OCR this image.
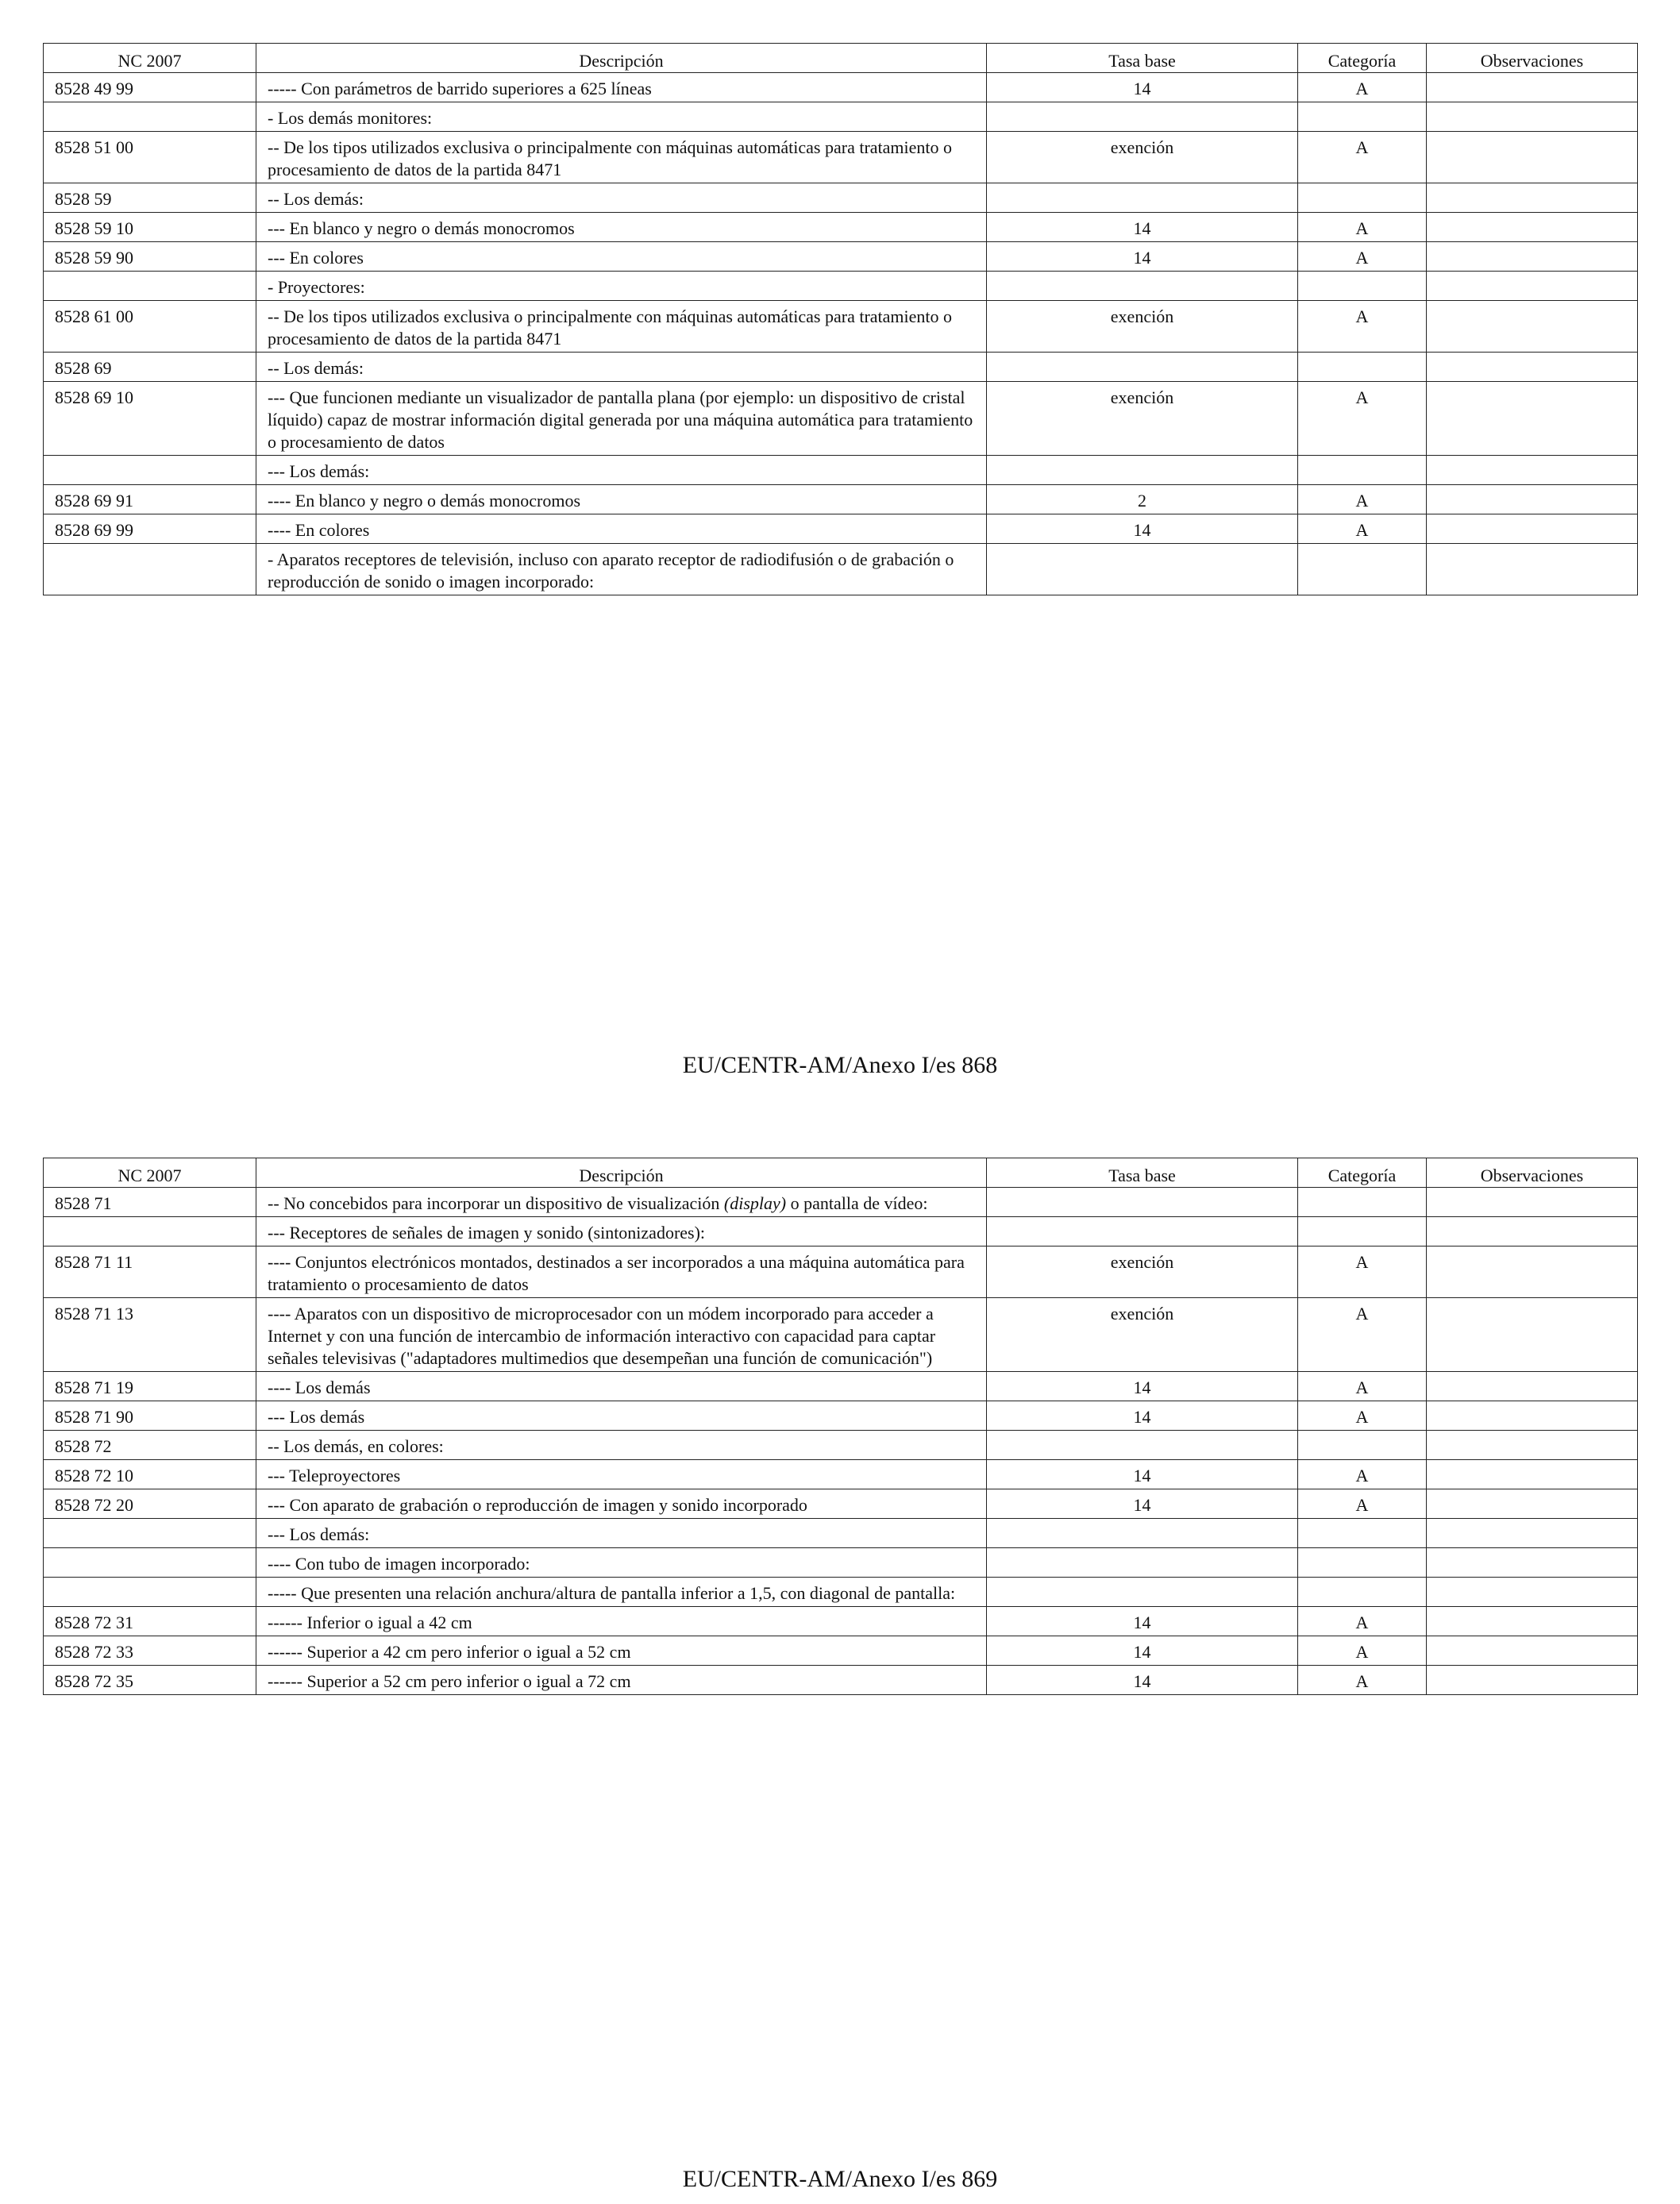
NC 2007	Descripción	Tasa base	Categoría	Observaciones
8528 49 99	----- Con parámetros de barrido superiores a 625 líneas	14	A	
	- Los demás monitores:			
8528 51 00	-- De los tipos utilizados exclusiva o principalmente con máquinas automáticas para tratamiento o procesamiento de datos de la partida 8471	exención	A	
8528 59	-- Los demás:			
8528 59 10	--- En blanco y negro o demás monocromos	14	A	
8528 59 90	--- En colores	14	A	
	- Proyectores:			
8528 61 00	-- De los tipos utilizados exclusiva o principalmente con máquinas automáticas para tratamiento o procesamiento de datos de la partida 8471	exención	A	
8528 69	-- Los demás:			
8528 69 10	--- Que funcionen mediante un visualizador de pantalla plana (por ejemplo: un dispositivo de cristal líquido) capaz de mostrar información digital generada por una máquina automática para tratamiento o procesamiento de datos	exención	A	
	--- Los demás:			
8528 69 91	---- En blanco y negro o demás monocromos	2	A	
8528 69 99	---- En colores	14	A	
	- Aparatos receptores de televisión, incluso con aparato receptor de radiodifusión o de grabación o reproducción de sonido o imagen incorporado:			
EU/CENTR-AM/Anexo I/es 868
NC 2007	Descripción	Tasa base	Categoría	Observaciones
8528 71	-- No concebidos para incorporar un dispositivo de visualización (display) o pantalla de vídeo:			
	--- Receptores de señales de imagen y sonido (sintonizadores):			
8528 71 11	---- Conjuntos electrónicos montados, destinados a ser incorporados a una máquina automática para tratamiento o procesamiento de datos	exención	A	
8528 71 13	---- Aparatos con un dispositivo de microprocesador con un módem incorporado para acceder a Internet y con una función de intercambio de información interactivo con capacidad para captar señales televisivas ("adaptadores multimedios que desempeñan una función de comunicación")	exención	A	
8528 71 19	---- Los demás	14	A	
8528 71 90	--- Los demás	14	A	
8528 72	-- Los demás, en colores:			
8528 72 10	--- Teleproyectores	14	A	
8528 72 20	--- Con aparato de grabación o reproducción de imagen y sonido incorporado	14	A	
	--- Los demás:			
	---- Con tubo de imagen incorporado:			
	----- Que presenten una relación anchura/altura de pantalla inferior a 1,5, con diagonal de pantalla:			
8528 72 31	------ Inferior o igual a 42 cm	14	A	
8528 72 33	------ Superior a 42 cm pero inferior o igual a 52 cm	14	A	
8528 72 35	------ Superior a 52 cm pero inferior o igual a 72 cm	14	A	
EU/CENTR-AM/Anexo I/es 869
